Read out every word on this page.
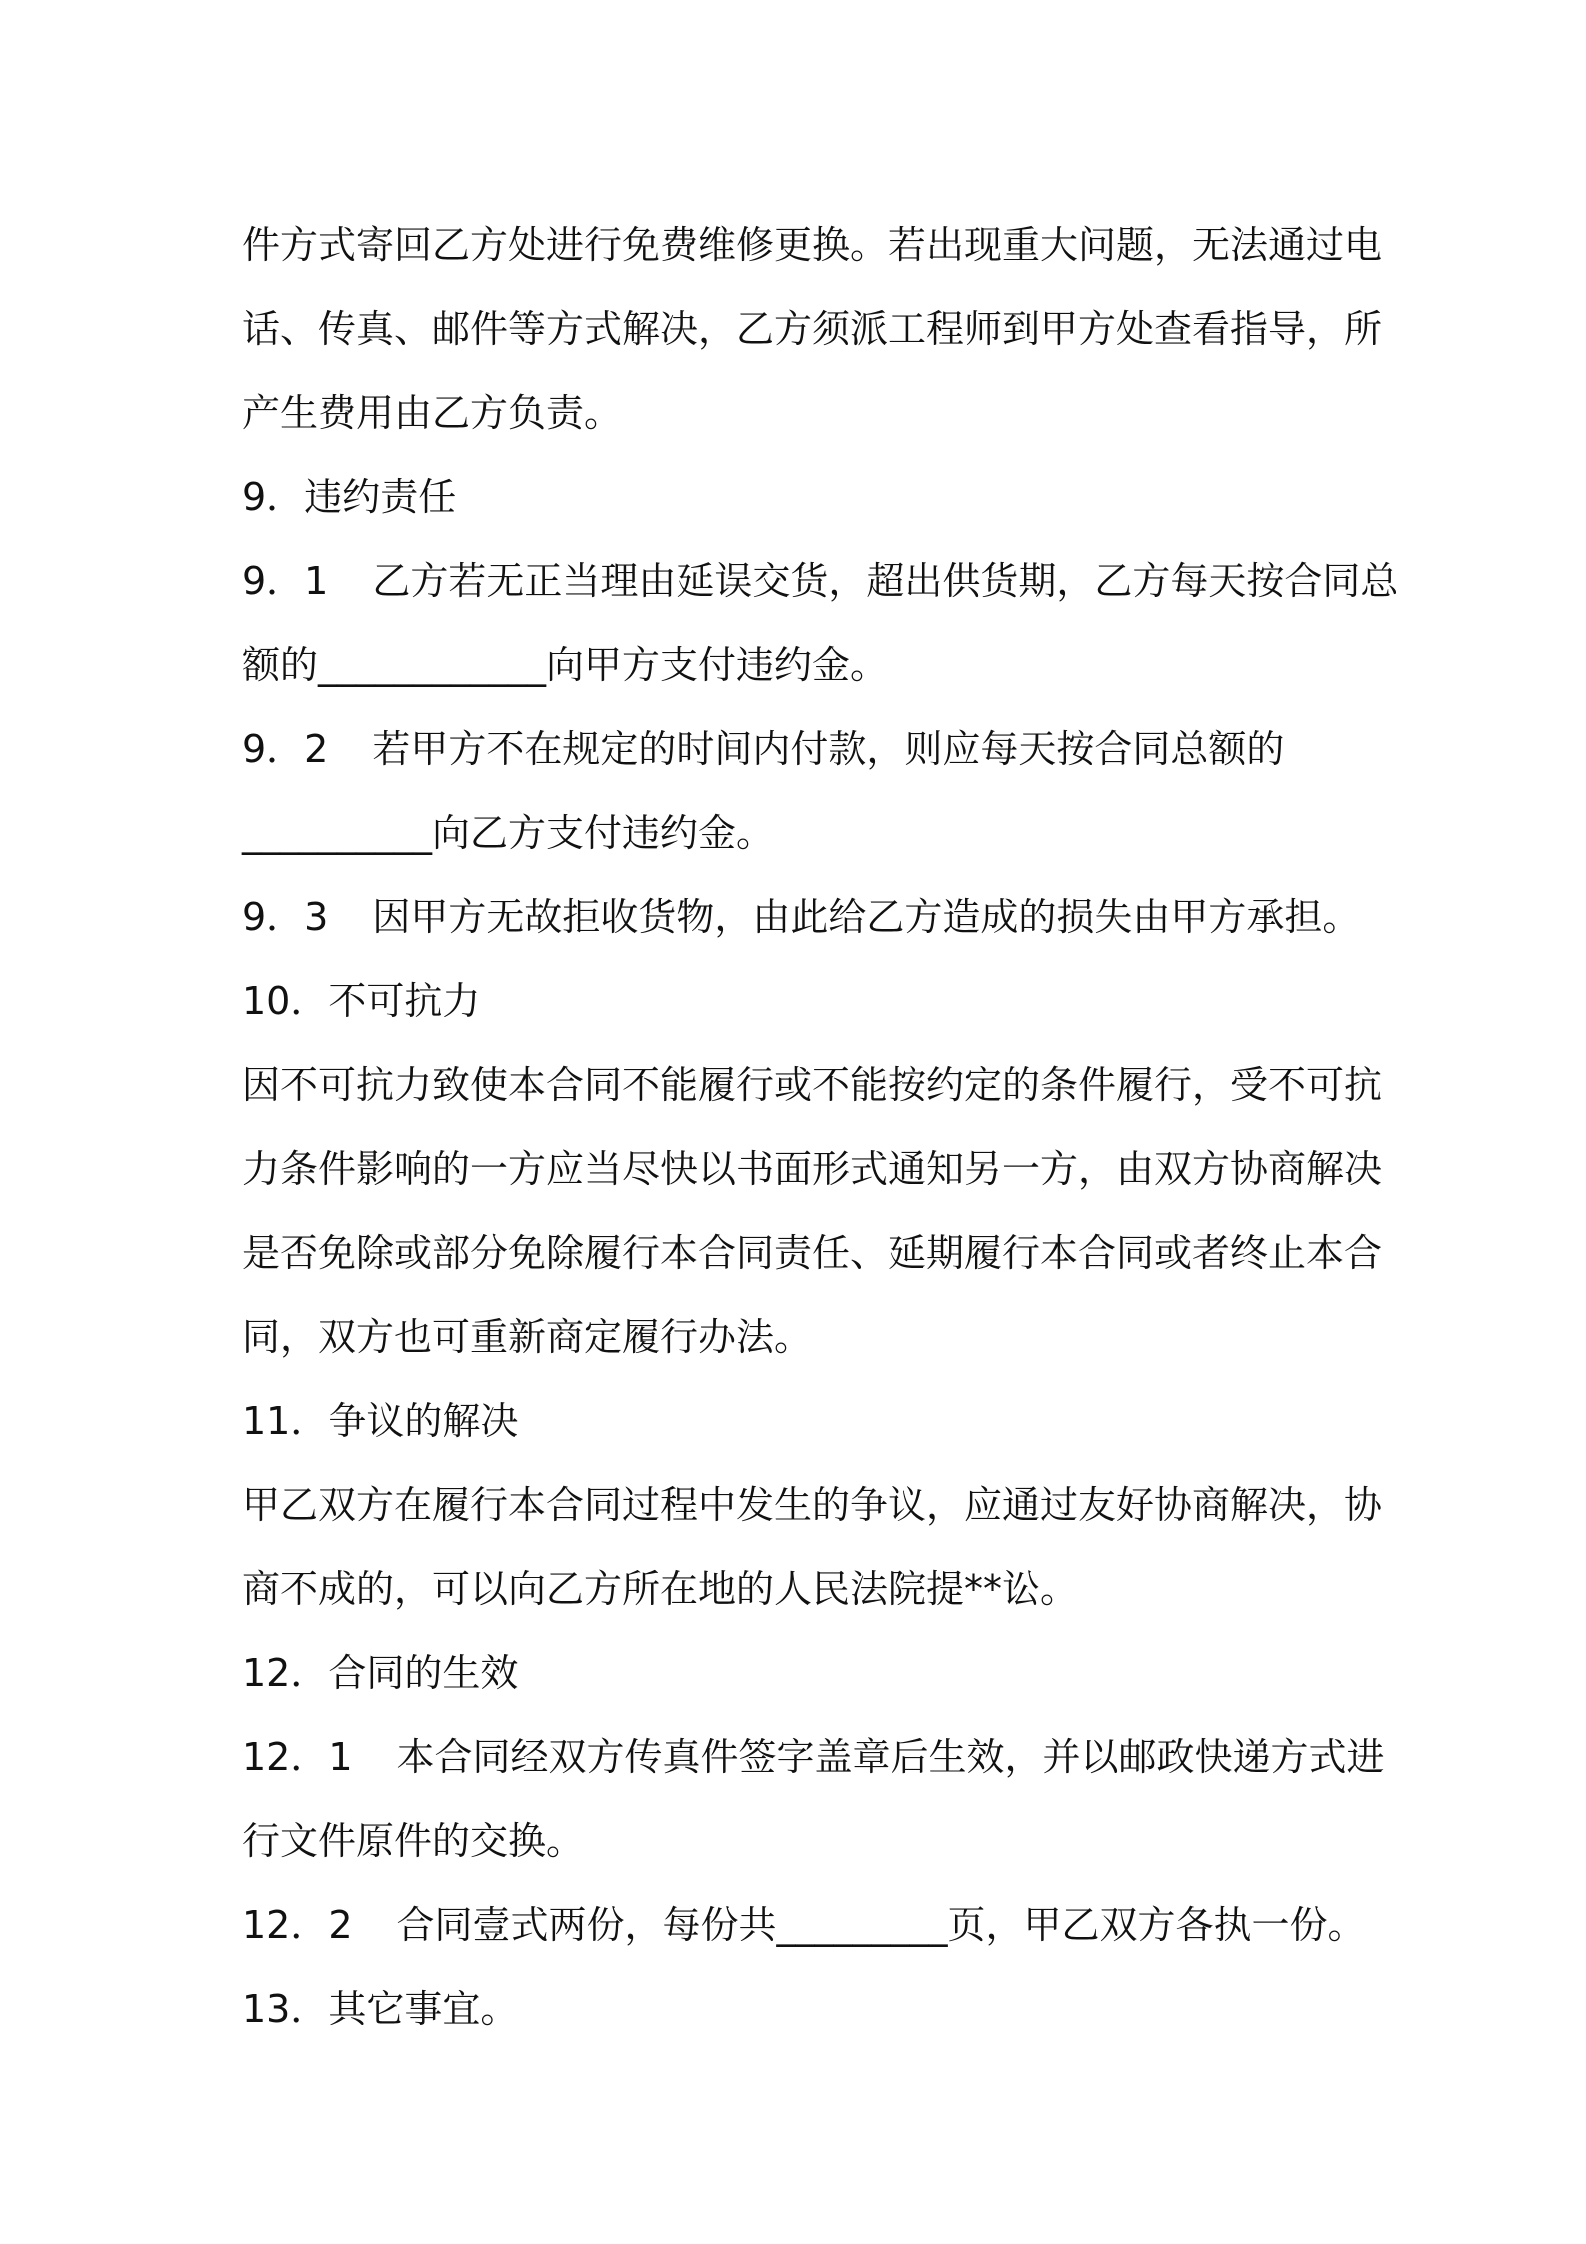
件方式寄回乙方处进行免费维修更换。若出现重大问题，无法通过电
话、传真、邮件等方式解决，乙方须派工程师到甲方处查看指导，所
产生费用由乙方负责。
9．违约责任
9．1 乙方若无正当理由延误交货，超出供货期，乙方每天按合同总
额的____________向甲方支付违约金。
9．2 若甲方不在规定的时间内付款，则应每天按合同总额的
__________向乙方支付违约金。
9．3 因甲方无故拒收货物，由此给乙方造成的损失由甲方承担。
10．不可抗力
因不可抗力致使本合同不能履行或不能按约定的条件履行，受不可抗
力条件影响的一方应当尽快以书面形式通知另一方，由双方协商解决
是否免除或部分免除履行本合同责任、延期履行本合同或者终止本合
同，双方也可重新商定履行办法。
11．争议的解决
甲乙双方在履行本合同过程中发生的争议，应通过友好协商解决，协
商不成的，可以向乙方所在地的人民法院提**讼。
12．合同的生效
12．1 本合同经双方传真件签字盖章后生效，并以邮政快递方式进
行文件原件的交换。
12．2 合同壹式两份，每份共_________页，甲乙双方各执一份。
13．其它事宜。
